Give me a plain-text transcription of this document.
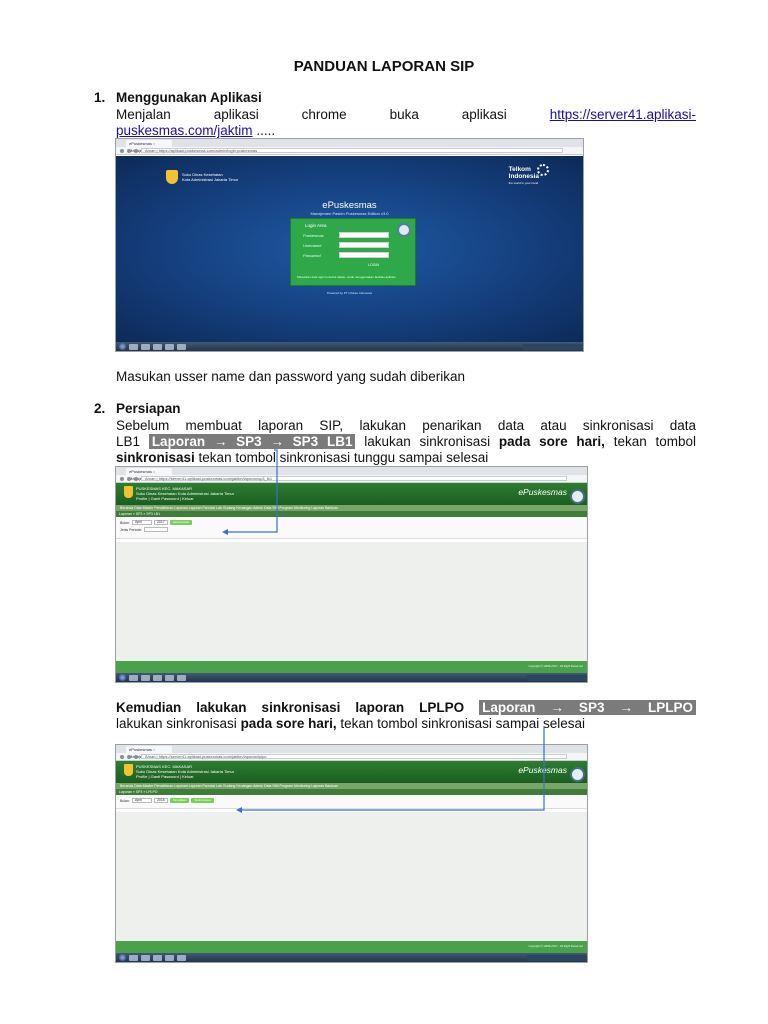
PANDUAN LAPORAN SIP
1. Menggunakan Aplikasi
Menjalan	aplikasi	chrome	buka	aplikasi	https://server41.aplikasi-
puskesmas.com/jaktim .....
ePuskesmas ::
Aman | https://aplikasi-puskesmas.com/admin/login.puskesmas
Suku Dinas Kesehatan
Kota Administrasi Jakarta Timur
Telkom
Indonesia
the world in your hand
ePuskesmas
Manajemen Pasien Puskesmas Edition v3.0
Login Area
Puskesmas
Username
Password
LOGIN
Masukkan data login tersebut diatas, untuk menggunakan fasilitas aplikasi
Powered by PT Infokes Indonesia
Masukan usser name dan password yang sudah diberikan
2. Persiapan
Sebelum membuat laporan SIP, lakukan penarikan data atau sinkronisasi data
LB1 Laporan → SP3 → SP3 LB1 lakukan sinkronisasi pada sore hari, tekan tombol
sinkronisasi tekan tombol sinkronisasi tunggu sampai selesai
ePuskesmas ::
Aman | https://server41.aplikasi-puskesmas.com/jaktim/laporan/sp3_lb1
PUSKESMAS KEC. MAKASAR
Suku Dinas Kesehatan Kota Administrasi Jakarta Timur
Profile | Ganti Password | Keluar
ePuskesmas
Beranda Data Master Pendaftaran Layanan Laporan Farmasi Lab Gudang Keuangan Admin Data SIM Program Monitoring Laporan Bantuan
Laporan » SP3 » SP3 LB1
Bulan:	April	2017	Sinkronisasi
Jenis Periode:
Copyright © 2009-2017 - All Right Reserved
Kemudian lakukan sinkronisasi laporan LPLPO Laporan → SP3 → LPLPO
lakukan sinkronisasi pada sore hari, tekan tombol sinkronisasi sampai selesai
ePuskesmas ::
Aman | https://server41.aplikasi-puskesmas.com/jaktim/laporan/lplpo
PUSKESMAS KEC. MAKASAR
Suku Dinas Kesehatan Kota Administrasi Jakarta Timur
Profile | Ganti Password | Keluar
ePuskesmas
Beranda Data Master Pendaftaran Layanan Laporan Farmasi Lab Gudang Keuangan Admin Data SIM Program Monitoring Laporan Bantuan
Laporan » SP3 » LPLPO
Bulan:	April	2016	Tampilkan	Sinkronisasi
Copyright © 2009-2017 - All Right Reserved
